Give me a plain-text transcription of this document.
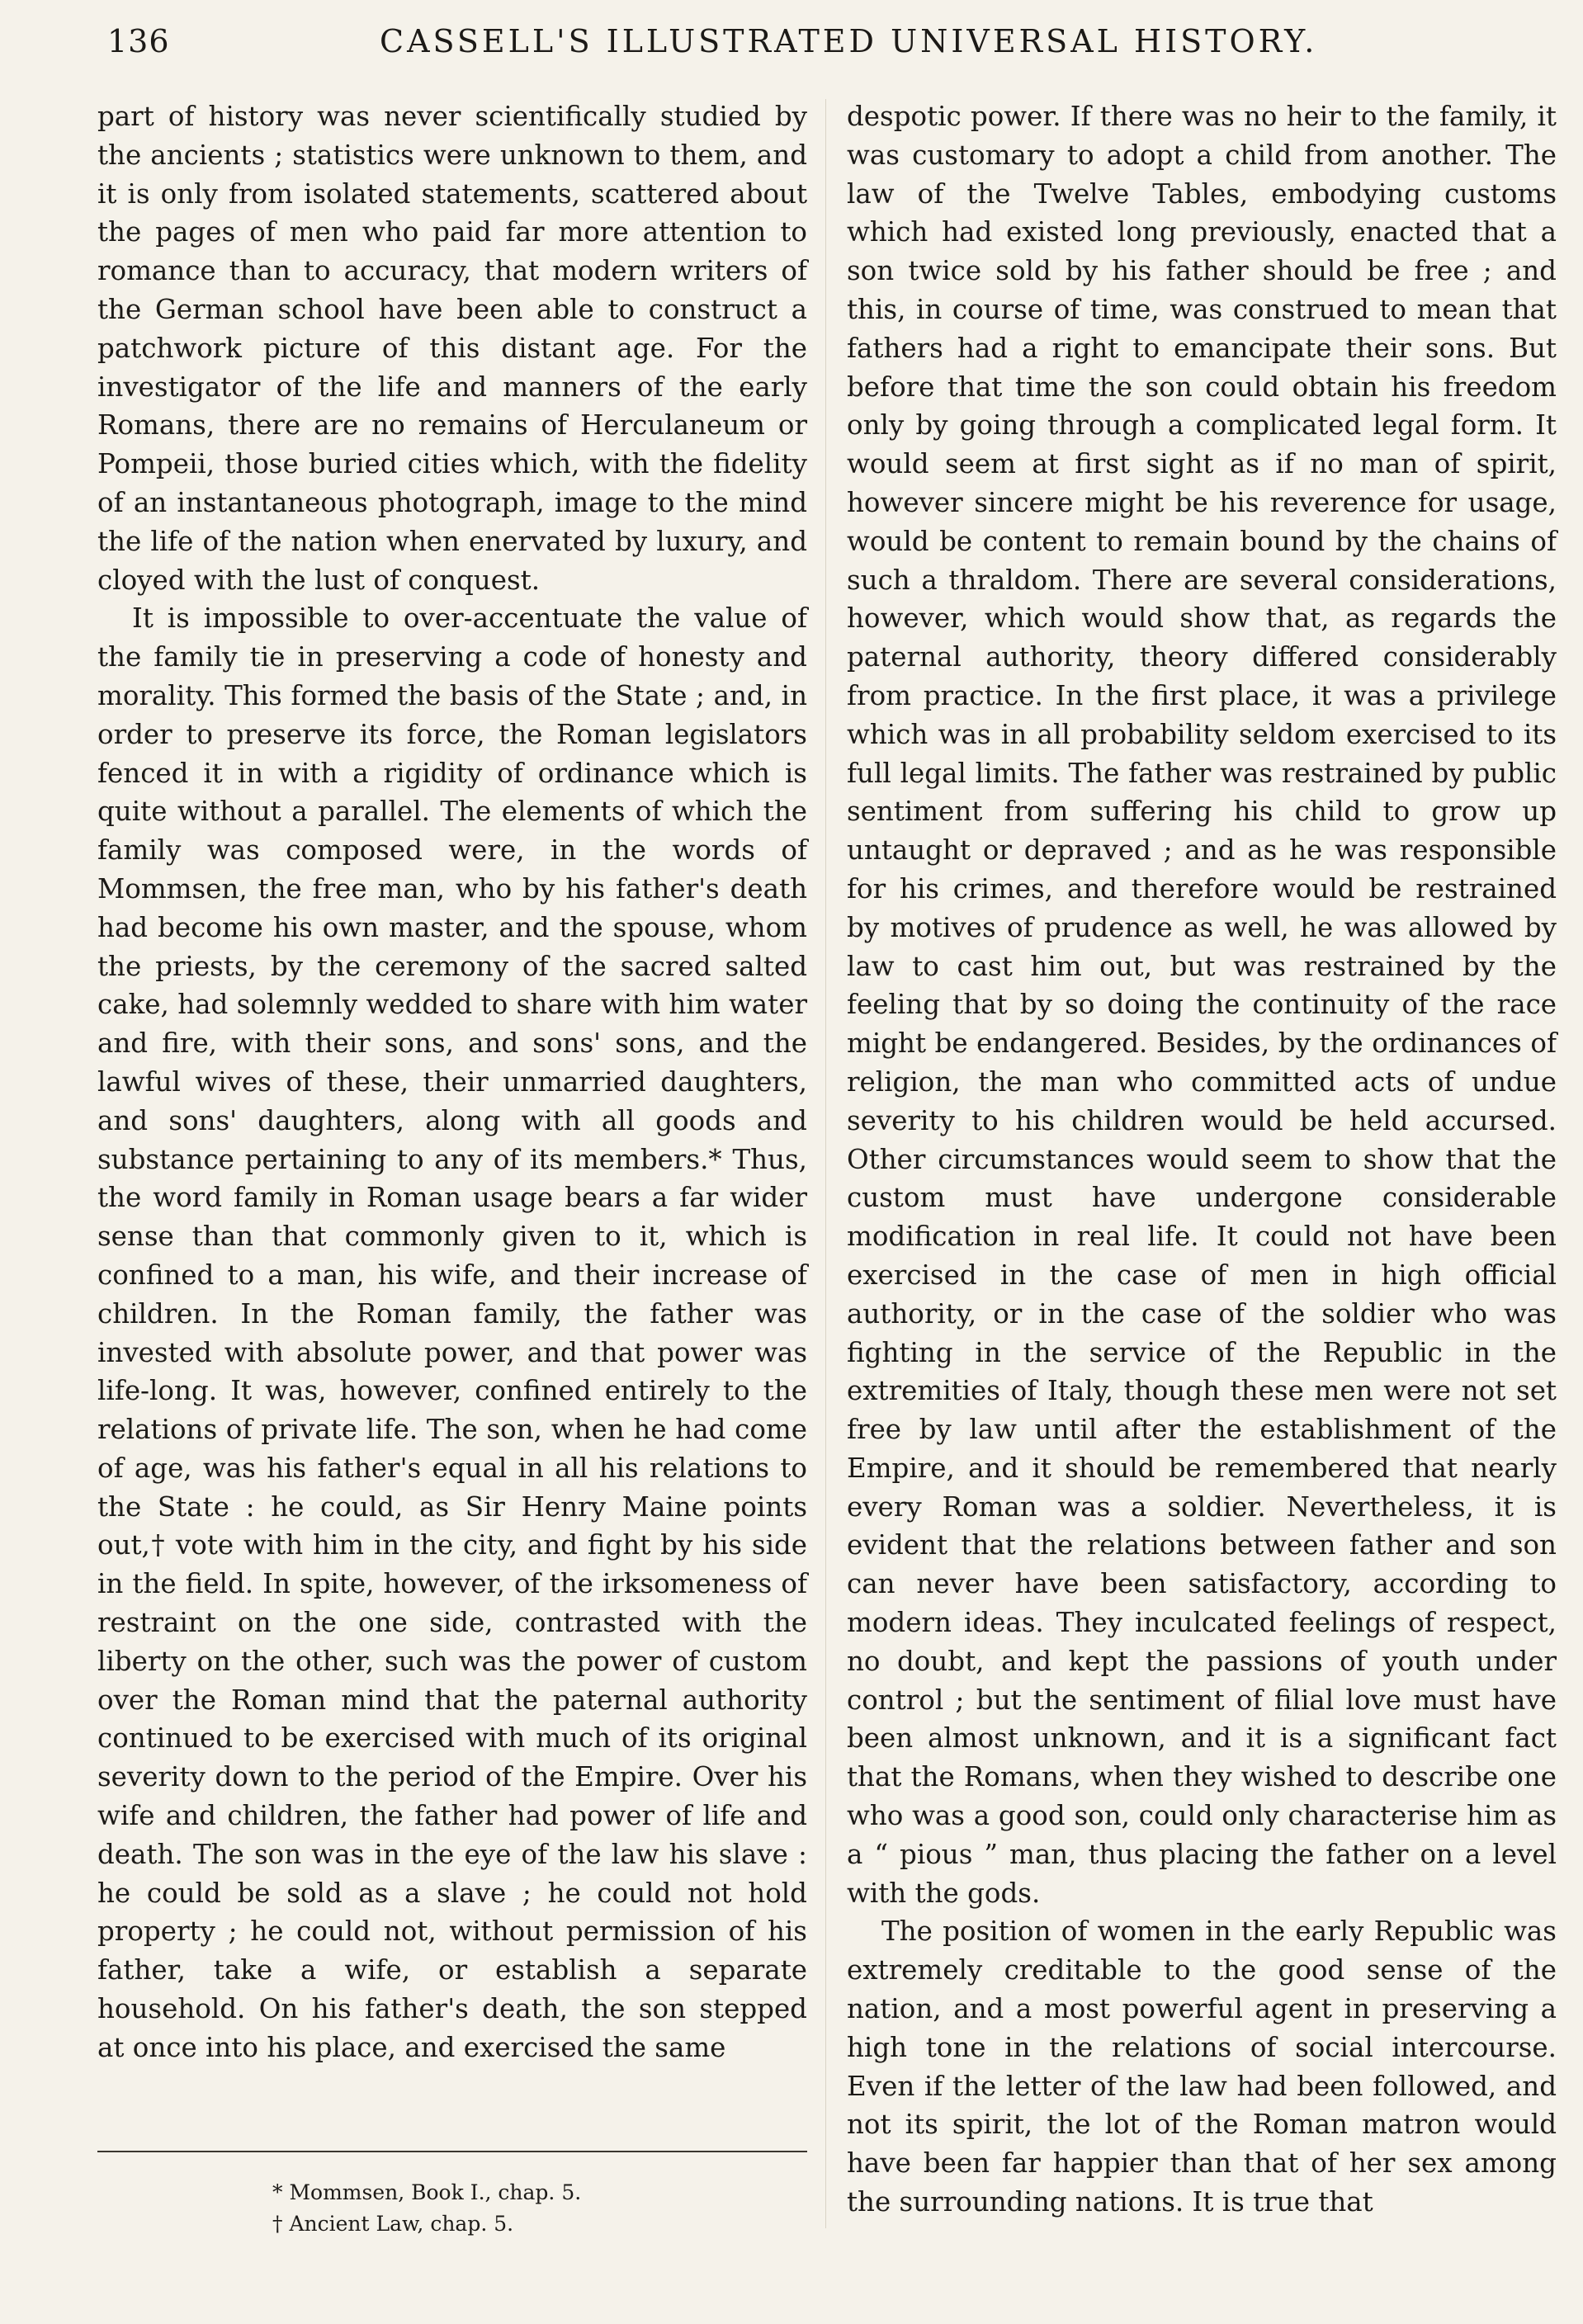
136	CASSELL'S ILLUSTRATED UNIVERSAL HISTORY.

part of history was never scientifically studied by the ancients ; statistics were unknown to them, and it is only from isolated statements, scattered about the pages of men who paid far more attention to romance than to accuracy, that modern writers of the German school have been able to construct a patchwork picture of this distant age. For the investigator of the life and manners of the early Romans, there are no remains of Herculaneum or Pompeii, those buried cities which, with the fidelity of an instantaneous photograph, image to the mind the life of the nation when enervated by luxury, and cloyed with the lust of conquest.

It is impossible to over-accentuate the value of the family tie in preserving a code of honesty and morality. This formed the basis of the State ; and, in order to preserve its force, the Roman legislators fenced it in with a rigidity of ordinance which is quite without a parallel. The elements of which the family was composed were, in the words of Mommsen, the free man, who by his father's death had become his own master, and the spouse, whom the priests, by the ceremony of the sacred salted cake, had solemnly wedded to share with him water and fire, with their sons, and sons' sons, and the lawful wives of these, their unmarried daughters, and sons' daughters, along with all goods and substance pertaining to any of its members.* Thus, the word family in Roman usage bears a far wider sense than that commonly given to it, which is confined to a man, his wife, and their increase of children. In the Roman family, the father was invested with absolute power, and that power was life-long. It was, however, confined entirely to the relations of private life. The son, when he had come of age, was his father's equal in all his relations to the State : he could, as Sir Henry Maine points out,† vote with him in the city, and fight by his side in the field. In spite, however, of the irksomeness of restraint on the one side, contrasted with the liberty on the other, such was the power of custom over the Roman mind that the paternal authority continued to be exercised with much of its original severity down to the period of the Empire. Over his wife and children, the father had power of life and death. The son was in the eye of the law his slave : he could be sold as a slave ; he could not hold property ; he could not, without permission of his father, take a wife, or establish a separate household. On his father's death, the son stepped at once into his place, and exercised the same

despotic power. If there was no heir to the family, it was customary to adopt a child from another. The law of the Twelve Tables, embodying customs which had existed long previously, enacted that a son twice sold by his father should be free ; and this, in course of time, was construed to mean that fathers had a right to emancipate their sons. But before that time the son could obtain his freedom only by going through a complicated legal form. It would seem at first sight as if no man of spirit, however sincere might be his reverence for usage, would be content to remain bound by the chains of such a thraldom. There are several considerations, however, which would show that, as regards the paternal authority, theory differed considerably from practice. In the first place, it was a privilege which was in all probability seldom exercised to its full legal limits. The father was restrained by public sentiment from suffering his child to grow up untaught or depraved ; and as he was responsible for his crimes, and therefore would be restrained by motives of prudence as well, he was allowed by law to cast him out, but was restrained by the feeling that by so doing the continuity of the race might be endangered. Besides, by the ordinances of religion, the man who committed acts of undue severity to his children would be held accursed. Other circumstances would seem to show that the custom must have undergone considerable modification in real life. It could not have been exercised in the case of men in high official authority, or in the case of the soldier who was fighting in the service of the Republic in the extremities of Italy, though these men were not set free by law until after the establishment of the Empire, and it should be remembered that nearly every Roman was a soldier. Nevertheless, it is evident that the relations between father and son can never have been satisfactory, according to modern ideas. They inculcated feelings of respect, no doubt, and kept the passions of youth under control ; but the sentiment of filial love must have been almost unknown, and it is a significant fact that the Romans, when they wished to describe one who was a good son, could only characterise him as a “ pious ” man, thus placing the father on a level with the gods.

The position of women in the early Republic was extremely creditable to the good sense of the nation, and a most powerful agent in preserving a high tone in the relations of social intercourse. Even if the letter of the law had been followed, and not its spirit, the lot of the Roman matron would have been far happier than that of her sex among the surrounding nations. It is true that

* Mommsen, Book I., chap. 5.

† Ancient Law, chap. 5.
